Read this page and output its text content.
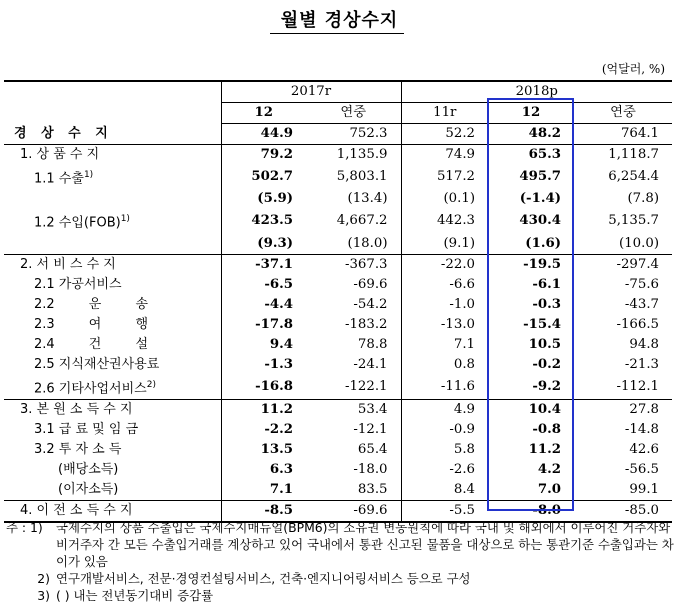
월별 경상수지
(억달러, %)
	2017r		2018p		
	12	연중	11r	12	연중
경 상 수 지	44.9	752.3	52.2	48.2	764.1
1. 상 품 수 지	79.2	1,135.9	74.9	65.3	1,118.7
1.1 수출$^{1)}$	502.7	5,803.1	517.2	495.7	6,254.4
	(5.9)	(13.4)	(0.1)	(-1.4)	(7.8)
1.2 수입(FOB)$^{1)}$	423.5	4,667.2	442.3	430.4	5,135.7
	(9.3)	(18.0)	(9.1)	(1.6)	(10.0)
2. 서 비 스 수 지	-37.1	-367.3	-22.0	-19.5	-297.4
2.1 가공서비스	-6.5	-69.6	-6.6	-6.1	-75.6
2.2 운 송	-4.4	-54.2	-1.0	-0.3	-43.7
2.3 여 행	-17.8	-183.2	-13.0	-15.4	-166.5
2.4 건 설	9.4	78.8	7.1	10.5	94.8
2.5 지식재산권사용료	-1.3	-24.1	0.8	-0.2	-21.3
2.6 기타사업서비스$^{2)}$	-16.8	-122.1	-11.6	-9.2	-112.1
3. 본 원 소 득 수 지	11.2	53.4	4.9	10.4	27.8
3.1 급 료 및 임 금	-2.2	-12.1	-0.9	-0.8	-14.8
3.2 투 자 소 득	13.5	65.4	5.8	11.2	42.6
(배당소득)	6.3	-18.0	-2.6	4.2	-56.5
(이자소득)	7.1	83.5	8.4	7.0	99.1
4. 이 전 소 득 수 지	-8.5	-69.6	-5.5	-8.0	-85.0
주 : 1)	국제수지의 상품 수출입은 국제수지매뉴얼(BPM6)의 소유권 변동원칙에 따라 국내 및 해외에서 이루어진 거주자와 비거주자 간 모든 수출입거래를 계상하고 있어 국내에서 통관 신고된 물품을 대상으로 하는 통관기준 수출입과는 차이가 있음
2) 연구개발서비스, 전문·경영컨설팅서비스, 건축·엔지니어링서비스 등으로 구성
3) ( ) 내는 전년동기대비 증감률
